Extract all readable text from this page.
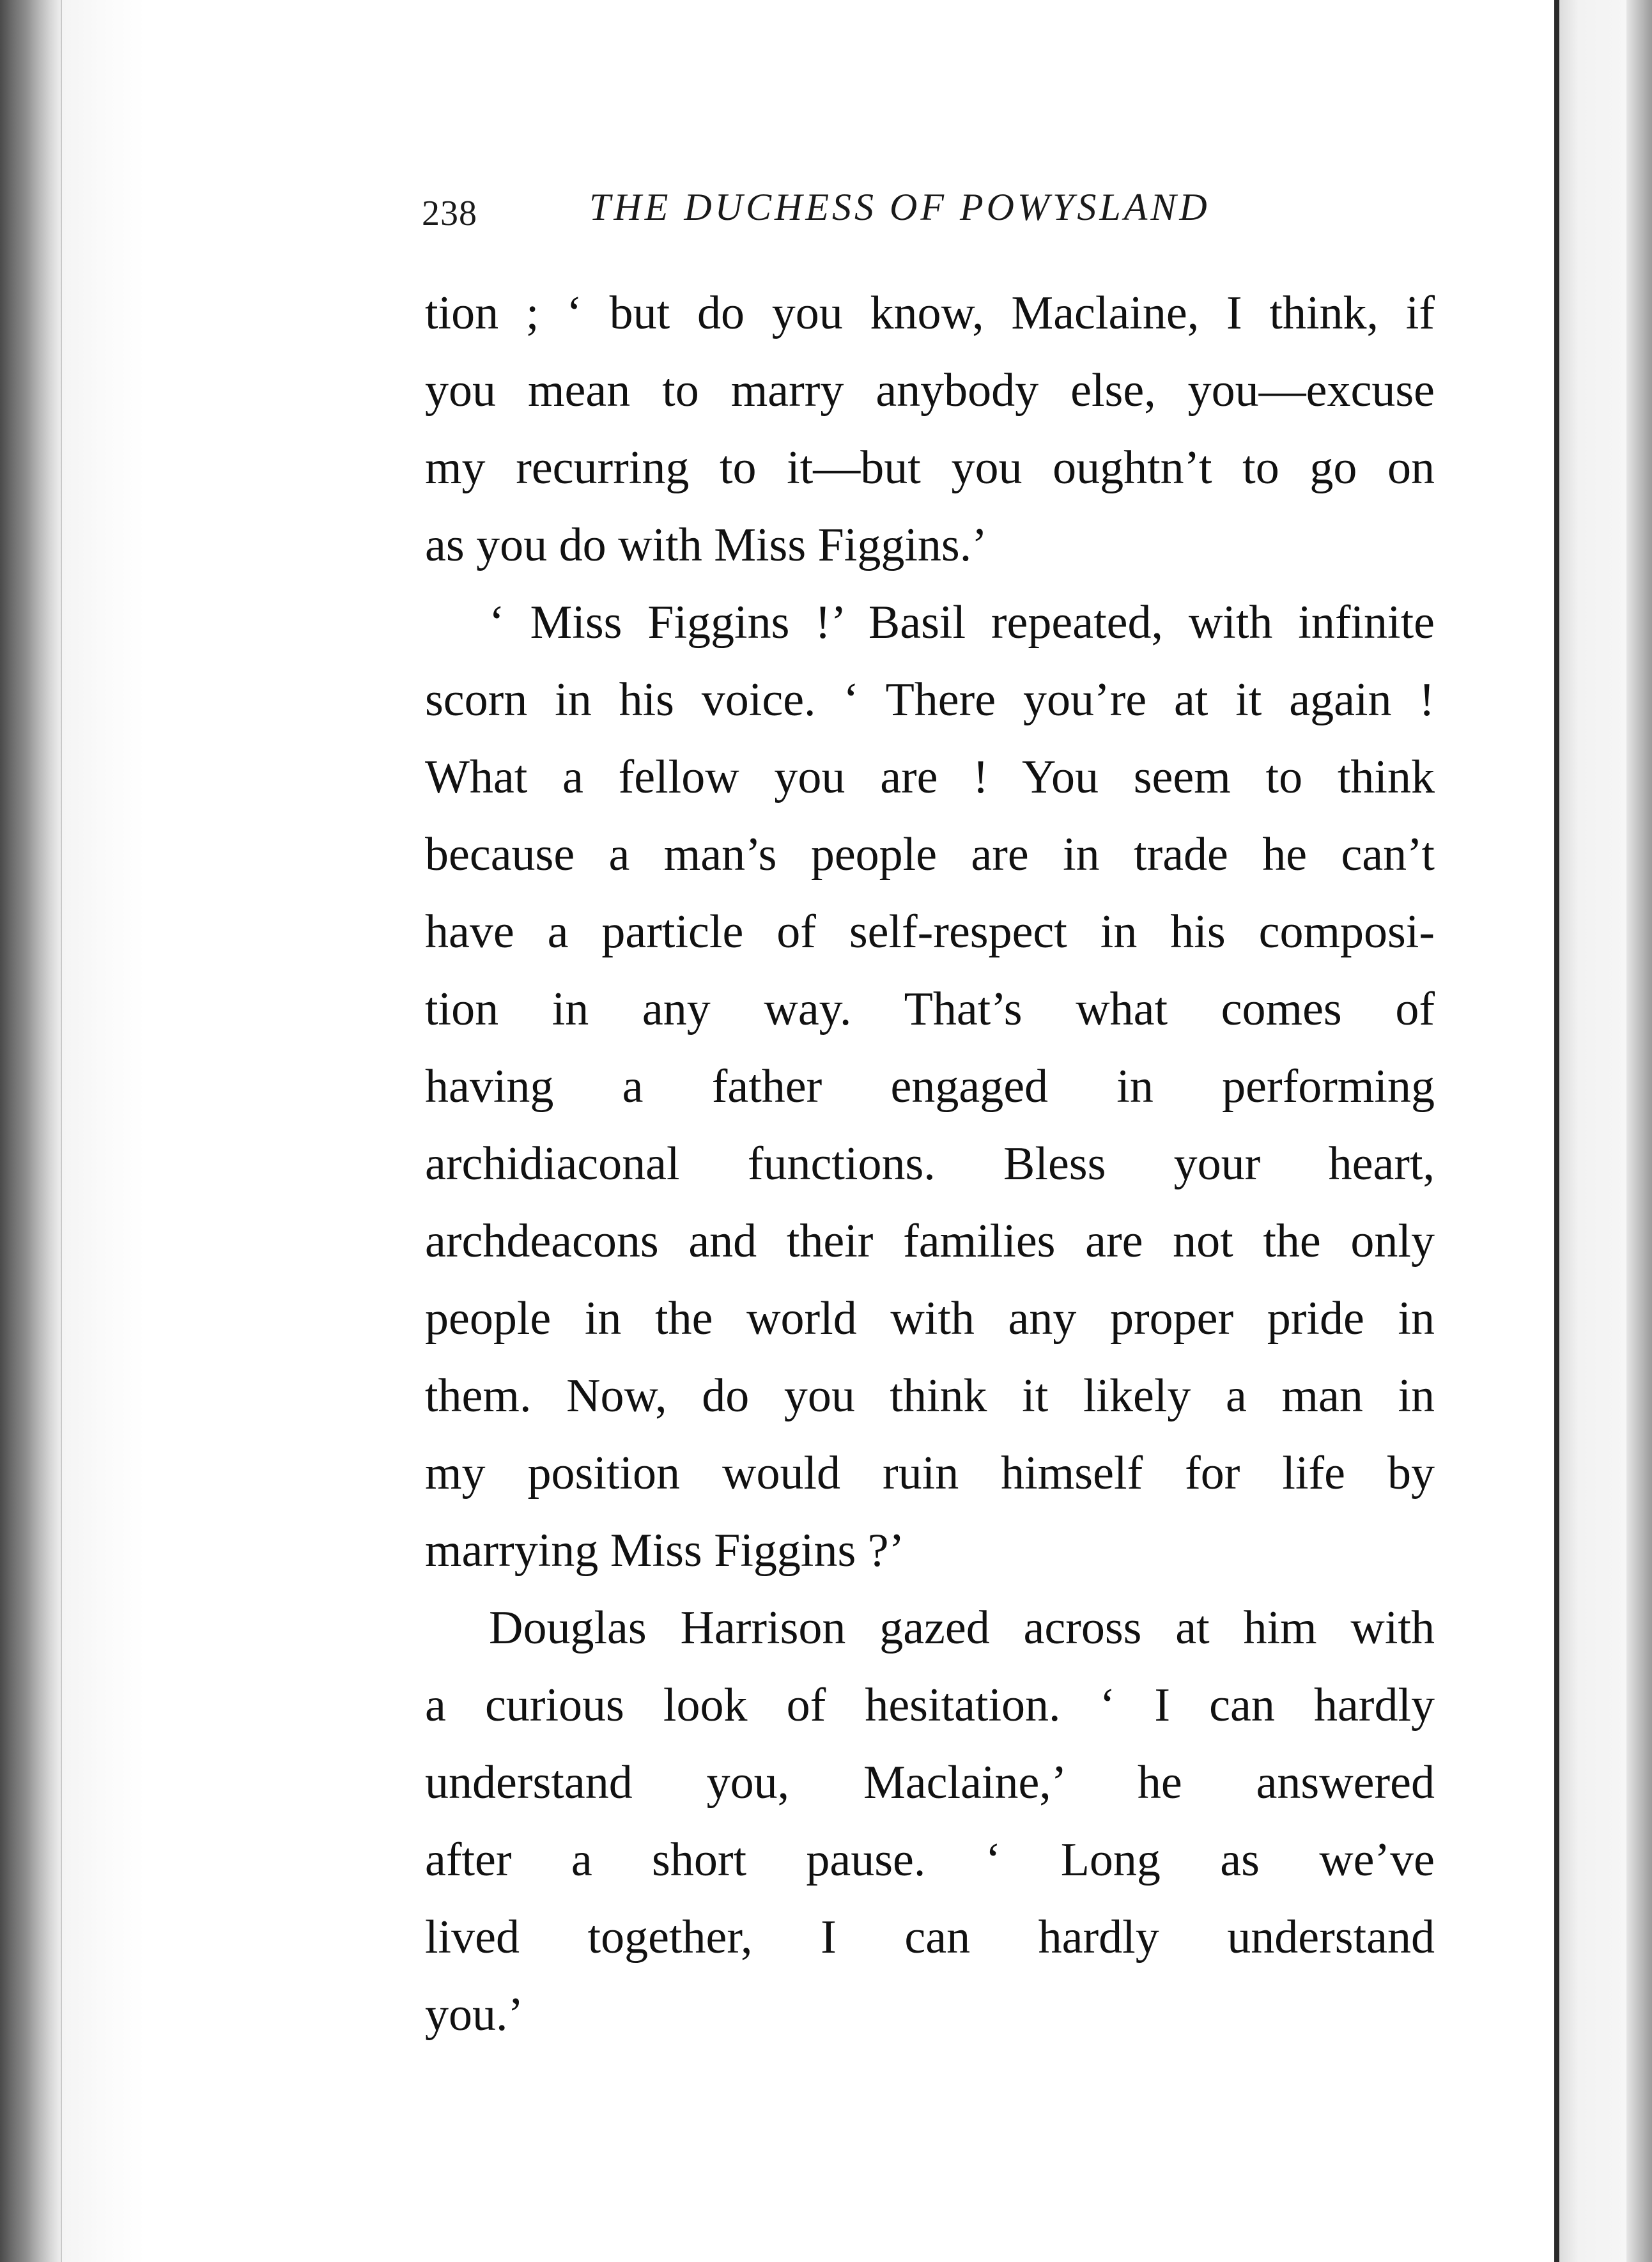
238	THE DUCHESS OF POWYSLAND
tion ; ‘ but do you know, Maclaine, I think, if
you mean to marry anybody else, you—excuse
my recurring to it—but you oughtn’t to go on
as you do with Miss Figgins.’
‘ Miss Figgins !’ Basil repeated, with infinite
scorn in his voice. ‘ There you’re at it again !
What a fellow you are ! You seem to think
because a man’s people are in trade he can’t
have a particle of self-respect in his composi-
tion in any way. That’s what comes of
having a father engaged in performing
archidiaconal functions. Bless your heart,
archdeacons and their families are not the only
people in the world with any proper pride in
them. Now, do you think it likely a man in
my position would ruin himself for life by
marrying Miss Figgins ?’
Douglas Harrison gazed across at him with
a curious look of hesitation. ‘ I can hardly
understand you, Maclaine,’ he answered
after a short pause. ‘ Long as we’ve
lived together, I can hardly understand
you.’
